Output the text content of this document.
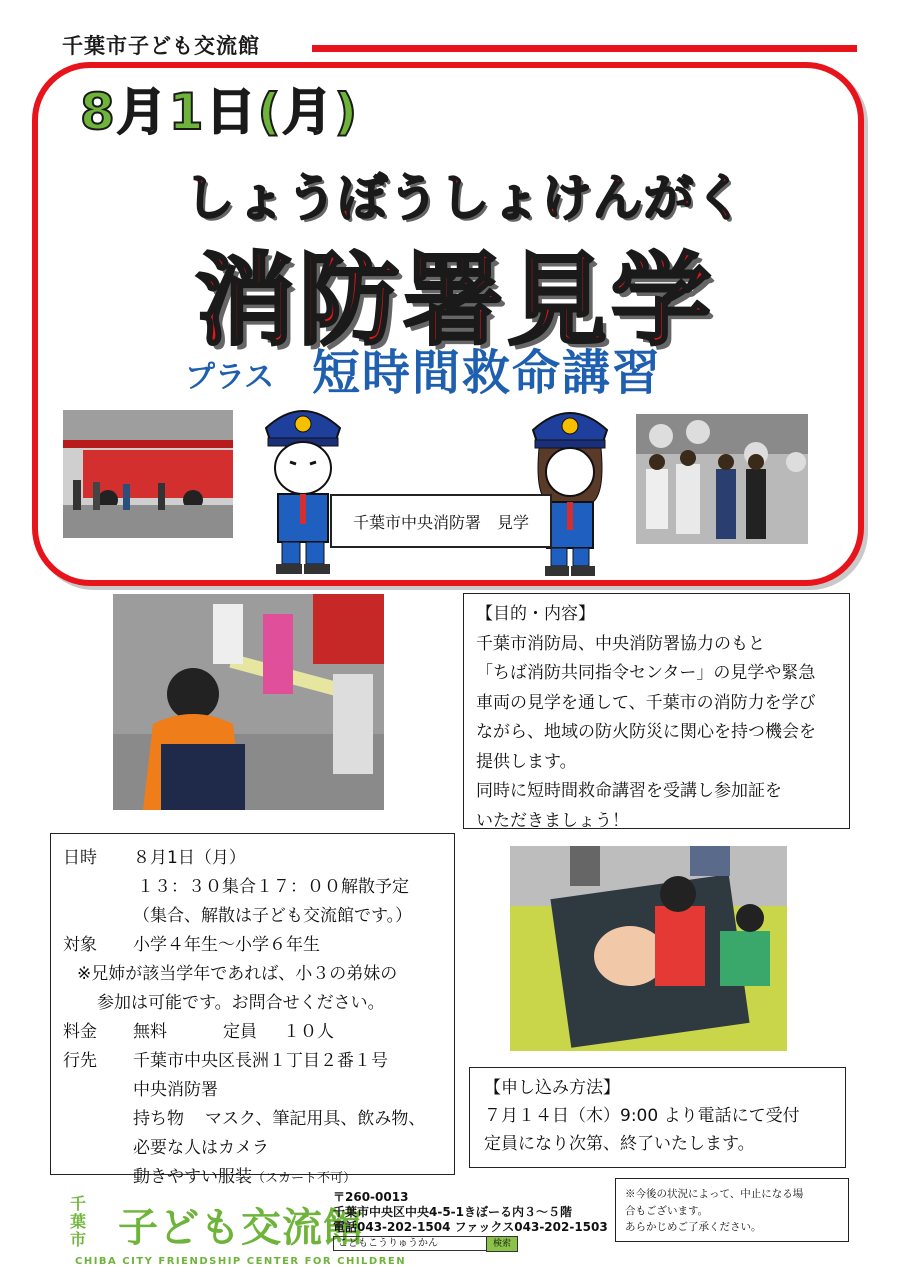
千葉市子ども交流館
8月1日(月)
しょうぼうしょけんがく
消防署見学
プラス 短時間救命講習
千葉市中央消防署　見学
【目的・内容】
千葉市消防局、中央消防署協力のもと
「ちば消防共同指令センター」の見学や緊急
車両の見学を通して、千葉市の消防力を学び
ながら、地域の防火防災に関心を持つ機会を
提供します。
同時に短時間救命講習を受講し参加証を
いただきましょう！
日時 ８月1日（月）
１３：３０集合１７：００解散予定
（集合、解散は子ども交流館です。）
対象 小学４年生〜小学６年生
※兄姉が該当学年であれば、小３の弟妹の
参加は可能です。お問合せください。
料金 無料	定員 １０人
行先 千葉市中央区長洲１丁目２番１号
中央消防署
持ち物 マスク、筆記用具、飲み物、
必要な人はカメラ
動きやすい服装（スカート不可）
【申し込み方法】
７月１４日（木）9:00 より電話にて受付
定員になり次第、終了いたします。
※今後の状況によって、中止になる場
合もございます。
あらかじめご了承ください。
千葉市 子ども交流館
CHIBA CITY FRIENDSHIP CENTER FOR CHILDREN
〒260-0013
千葉市中央区中央4-5-1きぼーる内３〜５階
電話043-202-1504 ファックス043-202-1503
こどもこうりゅうかん	検索
